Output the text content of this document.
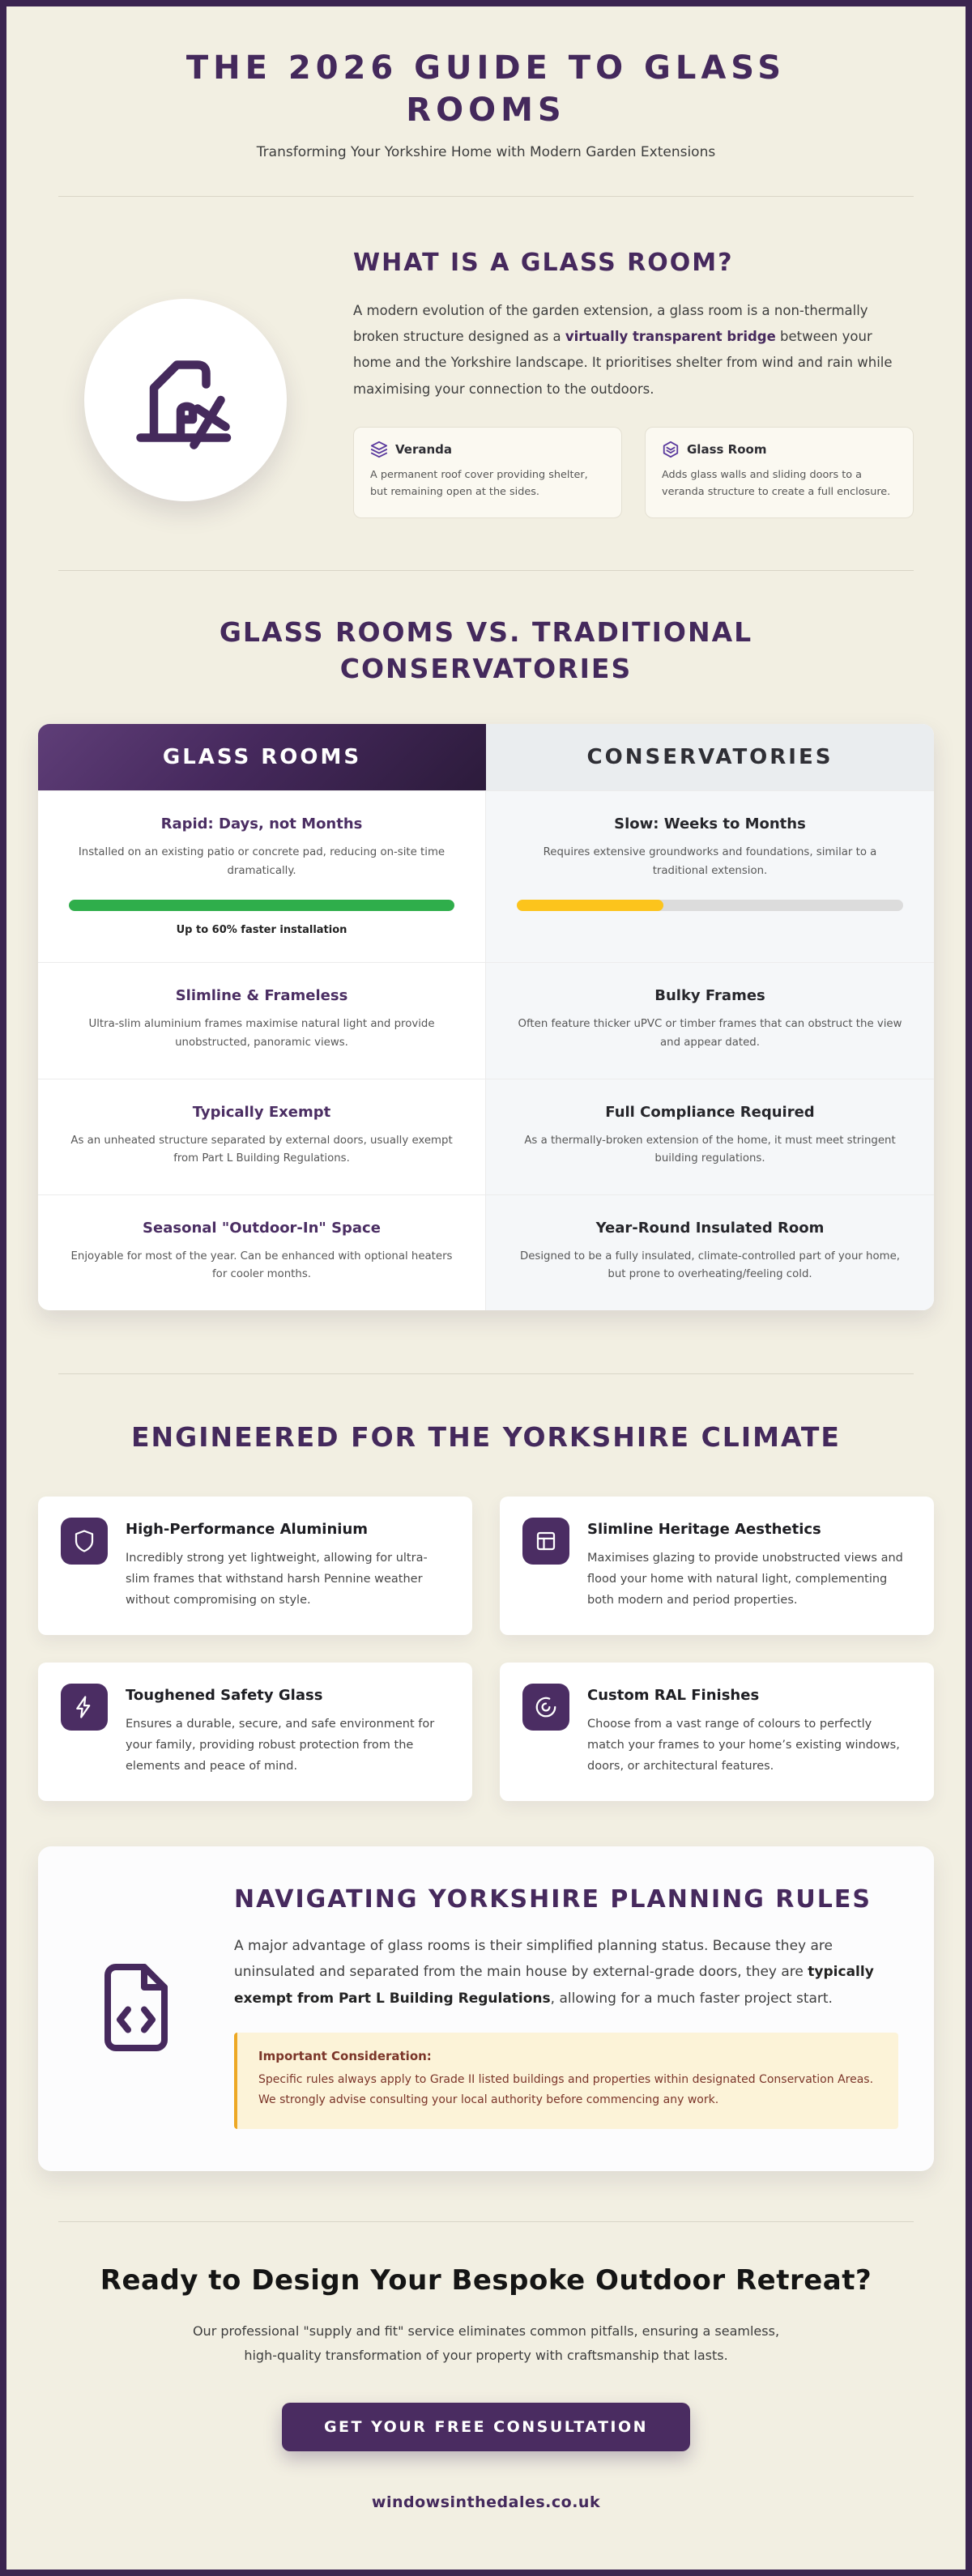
THE 2026 GUIDE TO GLASS ROOMS
Transforming Your Yorkshire Home with Modern Garden Extensions
WHAT IS A GLASS ROOM?

A modern evolution of the garden extension, a glass room is a non-thermally broken structure designed as a virtually transparent bridge between your home and the Yorkshire landscape. It prioritises shelter from wind and rain while maximising your connection to the outdoors.

Veranda
A permanent roof cover providing shelter, but remaining open at the sides.
Glass Room
Adds glass walls and sliding doors to a veranda structure to create a full enclosure.
GLASS ROOMS VS. TRADITIONAL CONSERVATORIES
GLASS ROOMS	CONSERVATORIES
Rapid: Days, not Months
Installed on an existing patio or concrete pad, reducing on-site time dramatically.
Up to 60% faster installation
Slow: Weeks to Months
Requires extensive groundworks and foundations, similar to a traditional extension.
Slimline & Frameless
Ultra-slim aluminium frames maximise natural light and provide unobstructed, panoramic views.
Bulky Frames
Often feature thicker uPVC or timber frames that can obstruct the view and appear dated.
Typically Exempt
As an unheated structure separated by external doors, usually exempt from Part L Building Regulations.
Full Compliance Required
As a thermally-broken extension of the home, it must meet stringent building regulations.
Seasonal "Outdoor-In" Space
Enjoyable for most of the year. Can be enhanced with optional heaters for cooler months.
Year-Round Insulated Room
Designed to be a fully insulated, climate-controlled part of your home, but prone to overheating/feeling cold.
ENGINEERED FOR THE YORKSHIRE CLIMATE
High-Performance Aluminium
Incredibly strong yet lightweight, allowing for ultra-slim frames that withstand harsh Pennine weather without compromising on style.
Slimline Heritage Aesthetics
Maximises glazing to provide unobstructed views and flood your home with natural light, complementing both modern and period properties.
Toughened Safety Glass
Ensures a durable, secure, and safe environment for your family, providing robust protection from the elements and peace of mind.
Custom RAL Finishes
Choose from a vast range of colours to perfectly match your frames to your home’s existing windows, doors, or architectural features.
NAVIGATING YORKSHIRE PLANNING RULES

A major advantage of glass rooms is their simplified planning status. Because they are uninsulated and separated from the main house by external-grade doors, they are typically exempt from Part L Building Regulations, allowing for a much faster project start.

Important Consideration:
Specific rules always apply to Grade II listed buildings and properties within designated Conservation Areas. We strongly advise consulting your local authority before commencing any work.
Ready to Design Your Bespoke Outdoor Retreat?

Our professional "supply and fit" service eliminates common pitfalls, ensuring a seamless, high-quality transformation of your property with craftsmanship that lasts.

GET YOUR FREE CONSULTATION
windowsinthedales.co.uk
